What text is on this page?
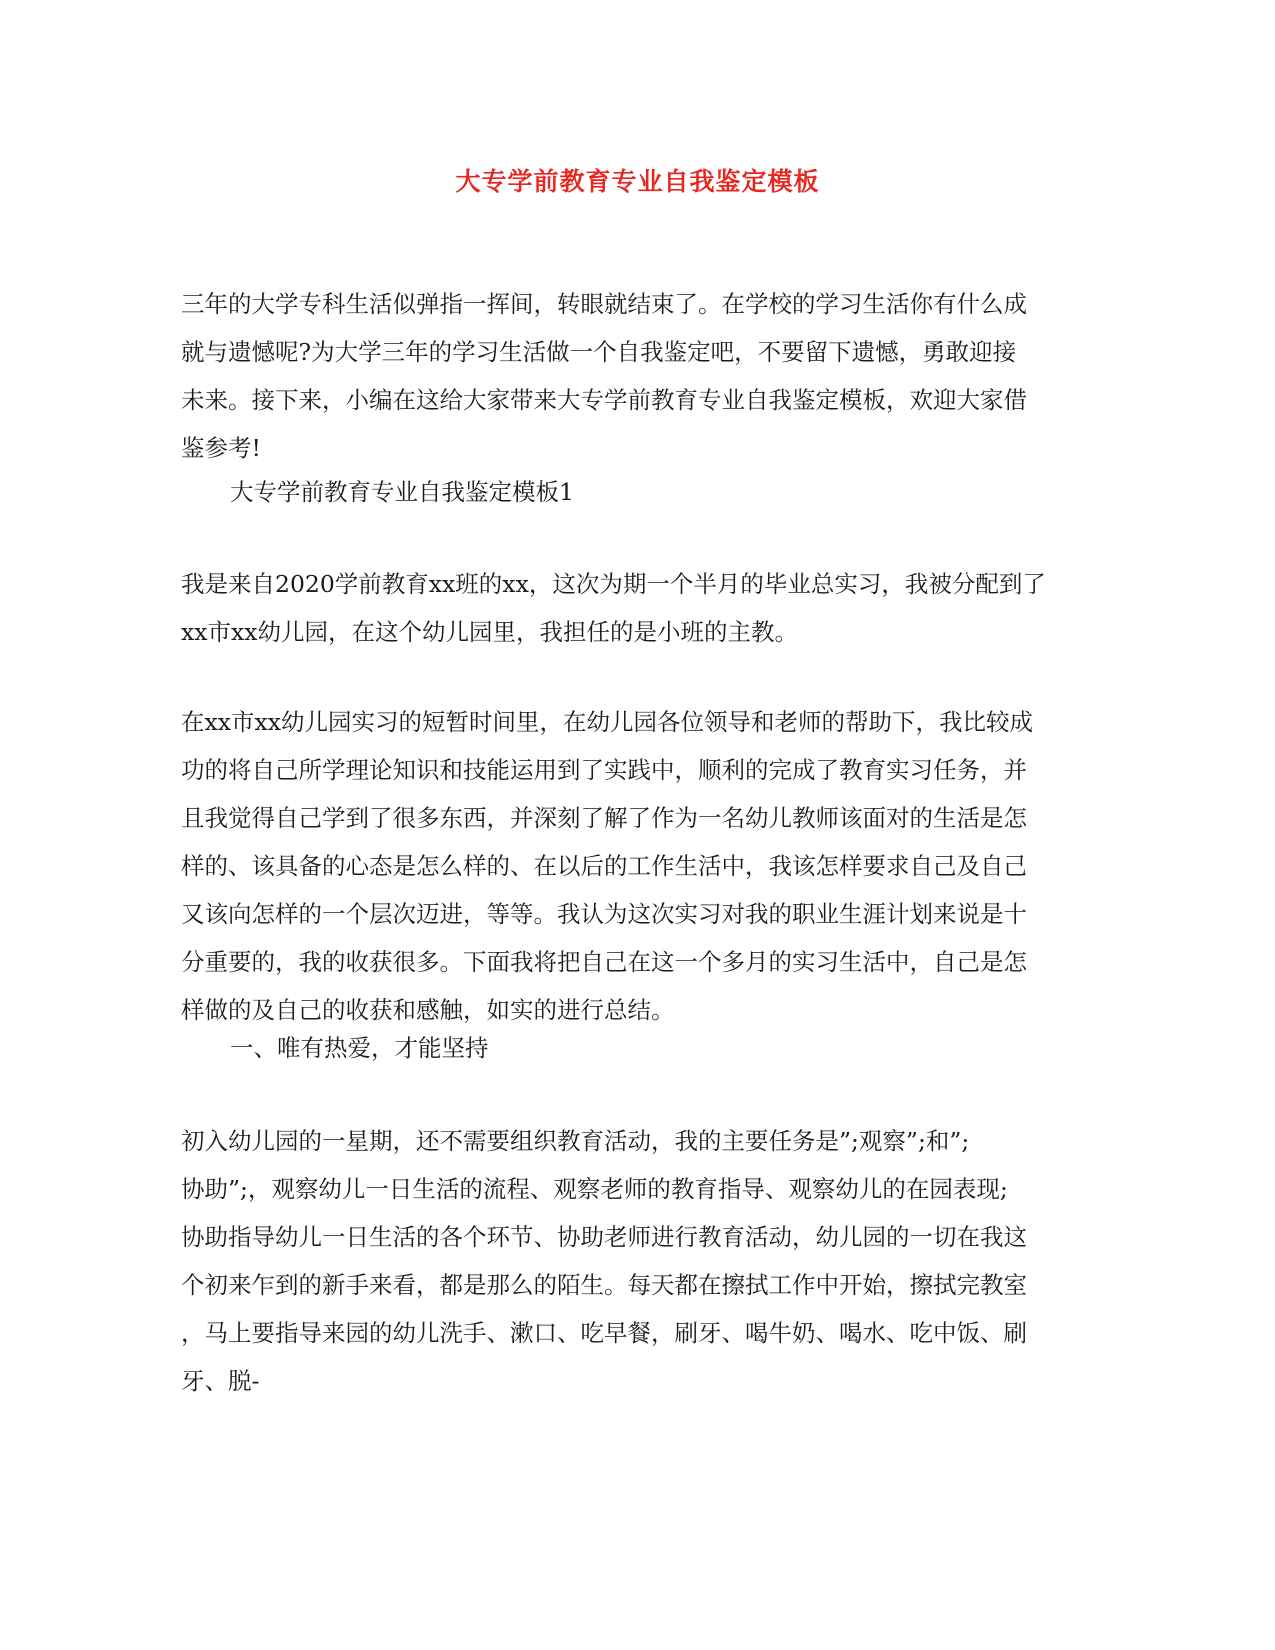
大专学前教育专业自我鉴定模板
三年的大学专科生活似弹指一挥间，转眼就结束了。在学校的学习生活你有什么成
就与遗憾呢?为大学三年的学习生活做一个自我鉴定吧，不要留下遗憾，勇敢迎接
未来。接下来，小编在这给大家带来大专学前教育专业自我鉴定模板，欢迎大家借
鉴参考!
大专学前教育专业自我鉴定模板1
我是来自2020学前教育xx班的xx，这次为期一个半月的毕业总实习，我被分配到了
xx市xx幼儿园，在这个幼儿园里，我担任的是小班的主教。
在xx市xx幼儿园实习的短暂时间里，在幼儿园各位领导和老师的帮助下，我比较成
功的将自己所学理论知识和技能运用到了实践中，顺利的完成了教育实习任务，并
且我觉得自己学到了很多东西，并深刻了解了作为一名幼儿教师该面对的生活是怎
样的、该具备的心态是怎么样的、在以后的工作生活中，我该怎样要求自己及自己
又该向怎样的一个层次迈进，等等。我认为这次实习对我的职业生涯计划来说是十
分重要的，我的收获很多。下面我将把自己在这一个多月的实习生活中，自己是怎
样做的及自己的收获和感触，如实的进行总结。
一、唯有热爱，才能坚持
初入幼儿园的一星期，还不需要组织教育活动，我的主要任务是”;观察”;和”;
协助”;，观察幼儿一日生活的流程、观察老师的教育指导、观察幼儿的在园表现;
协助指导幼儿一日生活的各个环节、协助老师进行教育活动，幼儿园的一切在我这
个初来乍到的新手来看，都是那么的陌生。每天都在擦拭工作中开始，擦拭完教室
，马上要指导来园的幼儿洗手、漱口、吃早餐，刷牙、喝牛奶、喝水、吃中饭、刷
牙、脱-
